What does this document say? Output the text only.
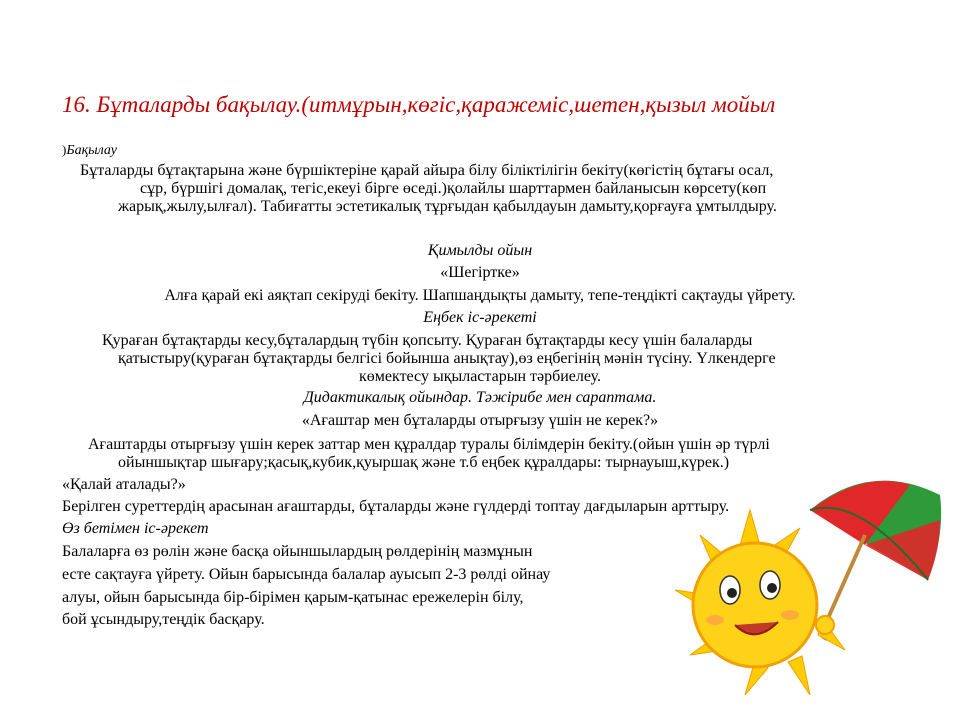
16. Бұталарды бақылау.(итмұрын,көгіс,қаражеміс,шетен,қызыл мойыл
)Бақылау
Бұталарды бұтақтарына және бүршіктеріне қарай айыра білу біліктілігін бекіту(көгістің бұтағы осал,
сұр, бүршігі домалақ, тегіс,екеуі бірге өседі.)қолайлы шарттармен байланысын көрсету(көп
жарық,жылу,ылғал). Табиғатты эстетикалық тұрғыдан қабылдауын дамыту,қорғауға ұмтылдыру.
Қимылды ойын
«Шегіртке»
Алға қарай екі аяқтап секіруді бекіту. Шапшаңдықты дамыту, тепе-теңдікті сақтауды үйрету.
Еңбек іс-әрекеті
Қураған бұтақтарды кесу,бұталардың түбін қопсыту. Қураған бұтақтарды кесу үшін балаларды
қатыстыру(қураған бұтақтарды белгісі бойынша анықтау),өз еңбегінің мәнін түсіну. Үлкендерге
көмектесу ықыластарын тәрбиелеу.
Дидактикалық ойындар. Тәжірибе мен сараптама.
«Ағаштар мен бұталарды отырғызу үшін не керек?»
Ағаштарды отырғызу үшін керек заттар мен құралдар туралы білімдерін бекіту.(ойын үшін әр түрлі
ойыншықтар шығару;қасық,кубик,қуыршақ және т.б еңбек құралдары: тырнауыш,күрек.)
«Қалай аталады?»
Берілген суреттердің арасынан ағаштарды, бұталарды және гүлдерді топтау дағдыларын арттыру.
Өз бетімен іс-әрекет
Балаларға өз рөлін және басқа ойыншылардың рөлдерінің мазмұнын
есте сақтауға үйрету. Ойын барысында балалар ауысып 2-3 рөлді ойнау
алуы, ойын барысында бір-бірімен қарым-қатынас ережелерін білу,
бой ұсындыру,теңдік басқару.
